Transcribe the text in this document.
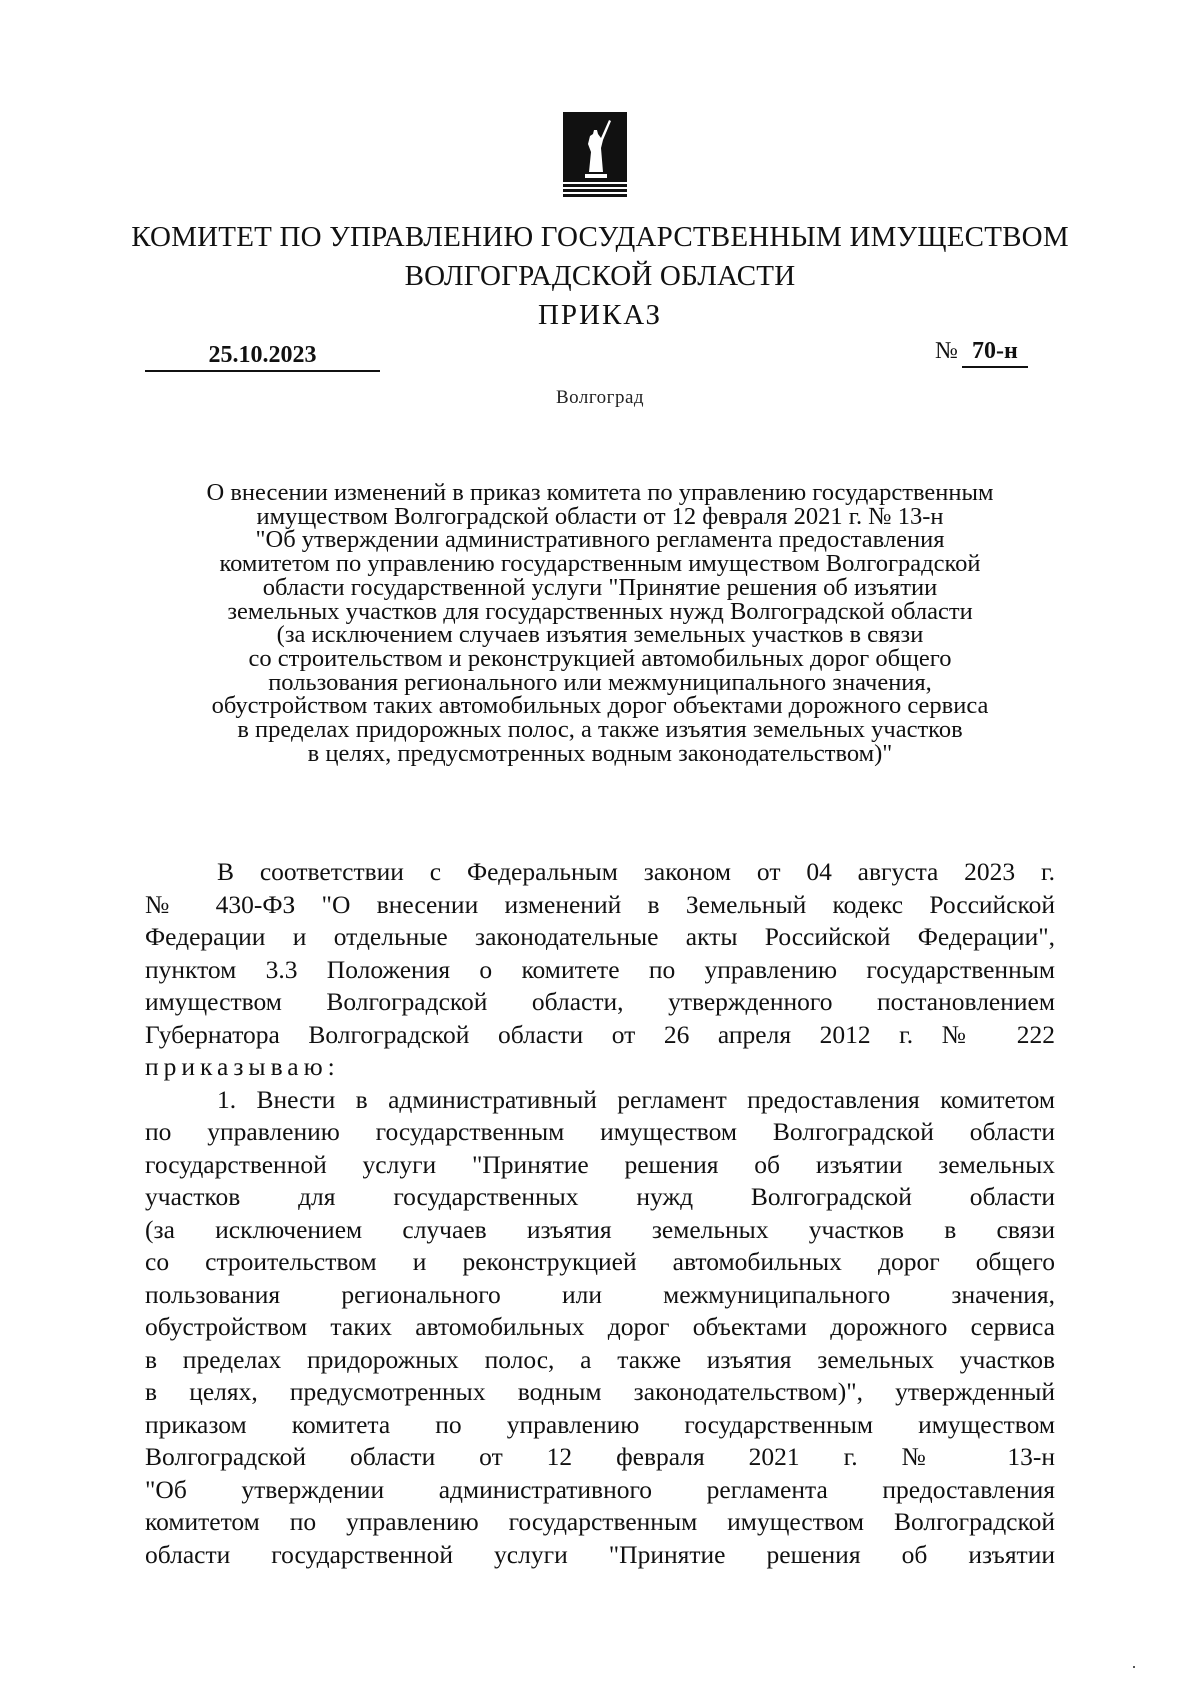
КОМИТЕТ ПО УПРАВЛЕНИЮ ГОСУДАРСТВЕННЫМ ИМУЩЕСТВОМ
ВОЛГОГРАДСКОЙ ОБЛАСТИ
ПРИКАЗ
25.10.2023	№ 70-н
Волгоград
О внесении изменений в приказ комитета по управлению государственным
имуществом Волгоградской области от 12 февраля 2021 г. № 13-н
"Об утверждении административного регламента предоставления
комитетом по управлению государственным имуществом Волгоградской
области государственной услуги "Принятие решения об изъятии
земельных участков для государственных нужд Волгоградской области
(за исключением случаев изъятия земельных участков в связи
со строительством и реконструкцией автомобильных дорог общего
пользования регионального или межмуниципального значения,
обустройством таких автомобильных дорог объектами дорожного сервиса
в пределах придорожных полос, а также изъятия земельных участков
в целях, предусмотренных водным законодательством)"
В соответствии с Федеральным законом от 04 августа 2023 г.
№ 430-ФЗ "О внесении изменений в Земельный кодекс Российской
Федерации и отдельные законодательные акты Российской Федерации",
пунктом 3.3 Положения о комитете по управлению государственным
имуществом Волгоградской области, утвержденного постановлением
Губернатора Волгоградской области от 26 апреля 2012 г. № 222
приказываю:
1. Внести в административный регламент предоставления комитетом
по управлению государственным имуществом Волгоградской области
государственной услуги "Принятие решения об изъятии земельных
участков для государственных нужд Волгоградской области
(за исключением случаев изъятия земельных участков в связи
со строительством и реконструкцией автомобильных дорог общего
пользования регионального или межмуниципального значения,
обустройством таких автомобильных дорог объектами дорожного сервиса
в пределах придорожных полос, а также изъятия земельных участков
в целях, предусмотренных водным законодательством)", утвержденный
приказом комитета по управлению государственным имуществом
Волгоградской области от 12 февраля 2021 г. № 13-н
"Об утверждении административного регламента предоставления
комитетом по управлению государственным имуществом Волгоградской
области государственной услуги "Принятие решения об изъятии
